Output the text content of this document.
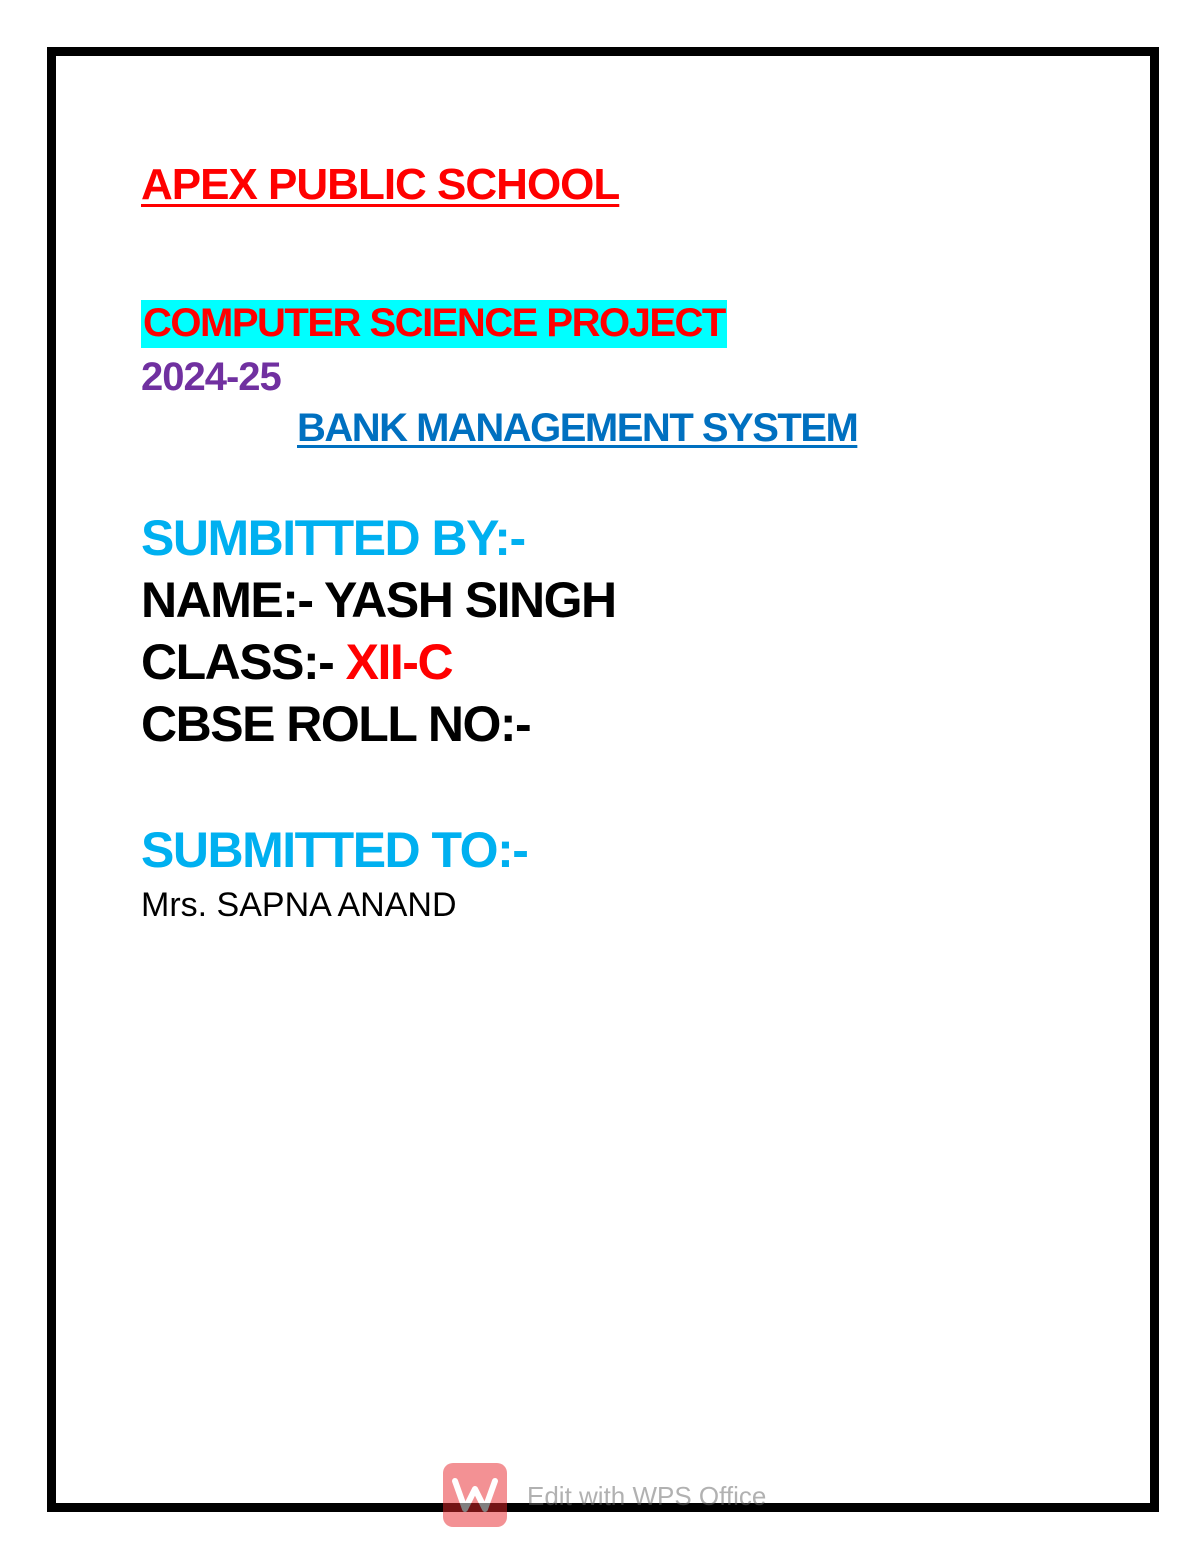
APEX PUBLIC SCHOOL

COMPUTER SCIENCE PROJECT

2024-25

BANK MANAGEMENT SYSTEM

SUMBITTED BY:-

NAME:- YASH SINGH

CLASS:- XII-C

CBSE ROLL NO:-

SUBMITTED TO:-

Mrs. SAPNA ANAND

Edit with WPS Office
